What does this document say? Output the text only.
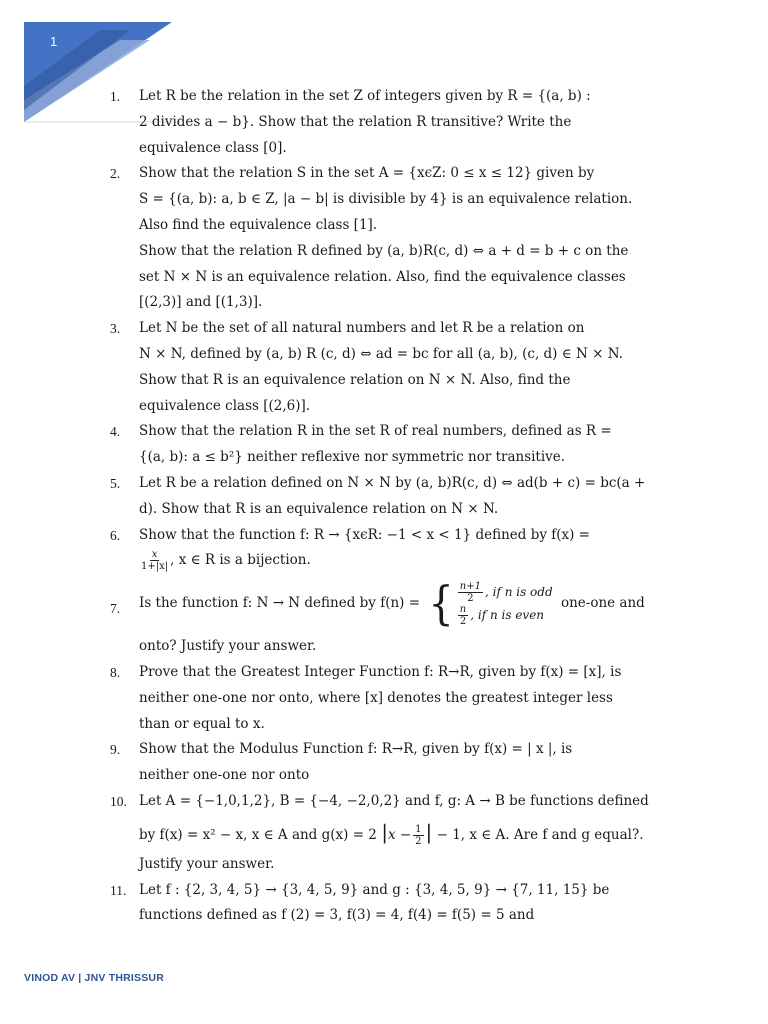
1
1.	Let R be the relation in the set Z of integers given by R = {(a, b) :
2 divides a − b}. Show that the relation R transitive? Write the
equivalence class [0].
2.	Show that the relation S in the set A = {xϵZ: 0 ≤ x ≤ 12} given by
S = {(a, b): a, b ∈ Z, |a − b| is divisible by 4} is an equivalence relation.
Also find the equivalence class [1].
Show that the relation R defined by (a, b)R(c, d) ⇔ a + d = b + c on the
set N × N is an equivalence relation. Also, find the equivalence classes
[(2,3)] and [(1,3)].
3.	Let N be the set of all natural numbers and let R be a relation on
N × N, defined by (a, b) R (c, d) ⇔ ad = bc for all (a, b), (c, d) ∈ N × N.
Show that R is an equivalence relation on N × N. Also, find the
equivalence class [(2,6)].
4.	Show that the relation R in the set R of real numbers, defined as R =
{(a, b): a ≤ b²} neither reflexive nor symmetric nor transitive.
5.	Let R be a relation defined on N × N by (a, b)R(c, d) ⇔ ad(b + c) = bc(a +
d). Show that R is an equivalence relation on N × N.
6.	Show that the function f: R → {xϵR: −1 < x < 1} defined by f(x) =
$\frac{x}{1+|x|}$ , x ∈ R is a bijection.
7.	Is the function f: N → N defined by f(n) = { $\frac{n+1}{2}$ , if n is odd
$\frac{n}{2}$ , if n is even
one-one and
onto? Justify your answer.
8.	Prove that the Greatest Integer Function f: R→R, given by f(x) = [x], is
neither one-one nor onto, where [x] denotes the greatest integer less
than or equal to x.
9.	Show that the Modulus Function f: R→R, given by f(x) = | x |, is
neither one-one nor onto
10. Let A = {−1,0,1,2}, B = {−4, −2,0,2} and f, g: A → B be functions defined
by f(x) = x² − x, x ∈ A and g(x) = 2 $|x - \frac{1}{2}$ | − 1, x ∈ A. Are f and g equal?.
Justify your answer.
11. Let f : {2, 3, 4, 5} → {3, 4, 5, 9} and g : {3, 4, 5, 9} → {7, 11, 15} be
functions defined as f (2) = 3, f(3) = 4, f(4) = f(5) = 5 and
VINOD AV | JNV THRISSUR
